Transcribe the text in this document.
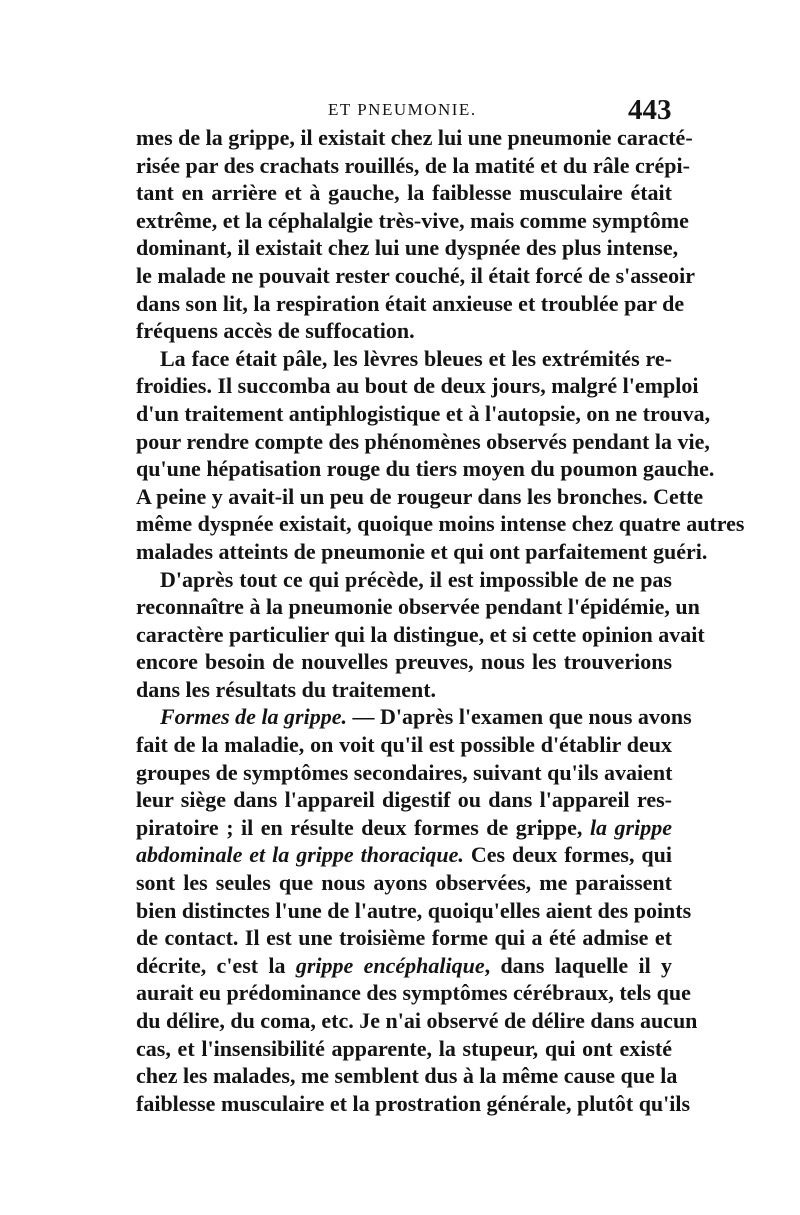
ET PNEUMONIE.	443
mes de la grippe, il existait chez lui une pneumonie caracté-
risée par des crachats rouillés, de la matité et du râle crépi-
tant en arrière et à gauche, la faiblesse musculaire était
extrême, et la céphalalgie très-vive, mais comme symptôme
dominant, il existait chez lui une dyspnée des plus intense,
le malade ne pouvait rester couché, il était forcé de s'asseoir
dans son lit, la respiration était anxieuse et troublée par de
fréquens accès de suffocation.
La face était pâle, les lèvres bleues et les extrémités re-
froidies. Il succomba au bout de deux jours, malgré l'emploi
d'un traitement antiphlogistique et à l'autopsie, on ne trouva,
pour rendre compte des phénomènes observés pendant la vie,
qu'une hépatisation rouge du tiers moyen du poumon gauche.
A peine y avait-il un peu de rougeur dans les bronches. Cette
même dyspnée existait, quoique moins intense chez quatre autres
malades atteints de pneumonie et qui ont parfaitement guéri.
D'après tout ce qui précède, il est impossible de ne pas
reconnaître à la pneumonie observée pendant l'épidémie, un
caractère particulier qui la distingue, et si cette opinion avait
encore besoin de nouvelles preuves, nous les trouverions
dans les résultats du traitement.
Formes de la grippe. — D'après l'examen que nous avons
fait de la maladie, on voit qu'il est possible d'établir deux
groupes de symptômes secondaires, suivant qu'ils avaient
leur siège dans l'appareil digestif ou dans l'appareil res-
piratoire ; il en résulte deux formes de grippe, la grippe
abdominale et la grippe thoracique. Ces deux formes, qui
sont les seules que nous ayons observées, me paraissent
bien distinctes l'une de l'autre, quoiqu'elles aient des points
de contact. Il est une troisième forme qui a été admise et
décrite, c'est la grippe encéphalique, dans laquelle il y
aurait eu prédominance des symptômes cérébraux, tels que
du délire, du coma, etc. Je n'ai observé de délire dans aucun
cas, et l'insensibilité apparente, la stupeur, qui ont existé
chez les malades, me semblent dus à la même cause que la
faiblesse musculaire et la prostration générale, plutôt qu'ils
